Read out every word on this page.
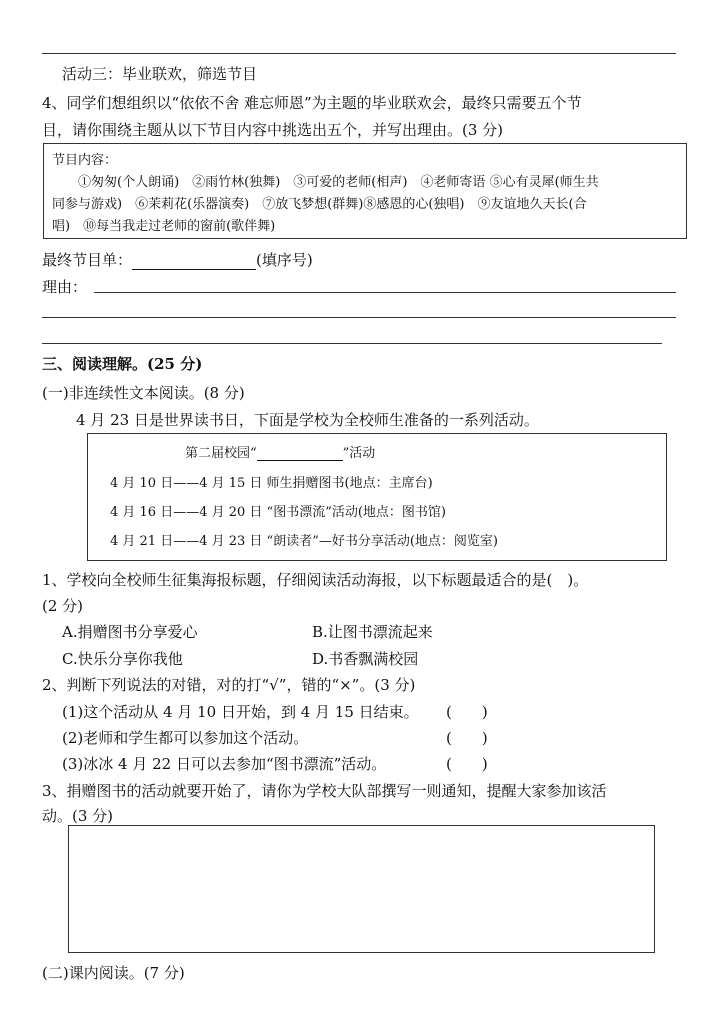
活动三：毕业联欢，筛选节目
4、同学们想组织以“依依不舍 难忘师恩”为主题的毕业联欢会，最终只需要五个节
目，请你围绕主题从以下节目内容中挑选出五个，并写出理由。(3 分)
节目内容：
①匆匆(个人朗诵)　②雨竹林(独舞)　③可爱的老师(相声)　④老师寄语 ⑤心有灵犀(师生共
同参与游戏)　⑥茉莉花(乐器演奏)　⑦放飞梦想(群舞)⑧感恩的心(独唱)　⑨友谊地久天长(合
唱)　⑩每当我走过老师的窗前(歌伴舞)
最终节目单：	(填序号)
理由：
三、阅读理解。(25 分)
(一)非连续性文本阅读。(8 分)
4 月 23 日是世界读书日，下面是学校为全校师生准备的一系列活动。
第二届校园“	”活动
4 月 10 日——4 月 15 日 师生捐赠图书(地点：主席台)
4 月 16 日——4 月 20 日 “图书漂流”活动(地点：图书馆)
4 月 21 日——4 月 23 日 “朗读者”—好书分享活动(地点：阅览室)
1、学校向全校师生征集海报标题，仔细阅读活动海报，以下标题最适合的是(　)。
(2 分)
A.捐赠图书分享爱心	B.让图书漂流起来
C.快乐分享你我他	D.书香飘满校园
2、判断下列说法的对错，对的打“√”，错的“×”。(3 分)
(1)这个活动从 4 月 10 日开始，到 4 月 15 日结束。 (　　)
(2)老师和学生都可以参加这个活动。	(　　)
(3)冰冰 4 月 22 日可以去参加“图书漂流”活动。	(　　)
3、捐赠图书的活动就要开始了，请你为学校大队部撰写一则通知，提醒大家参加该活
动。(3 分)
(二)课内阅读。(7 分)
